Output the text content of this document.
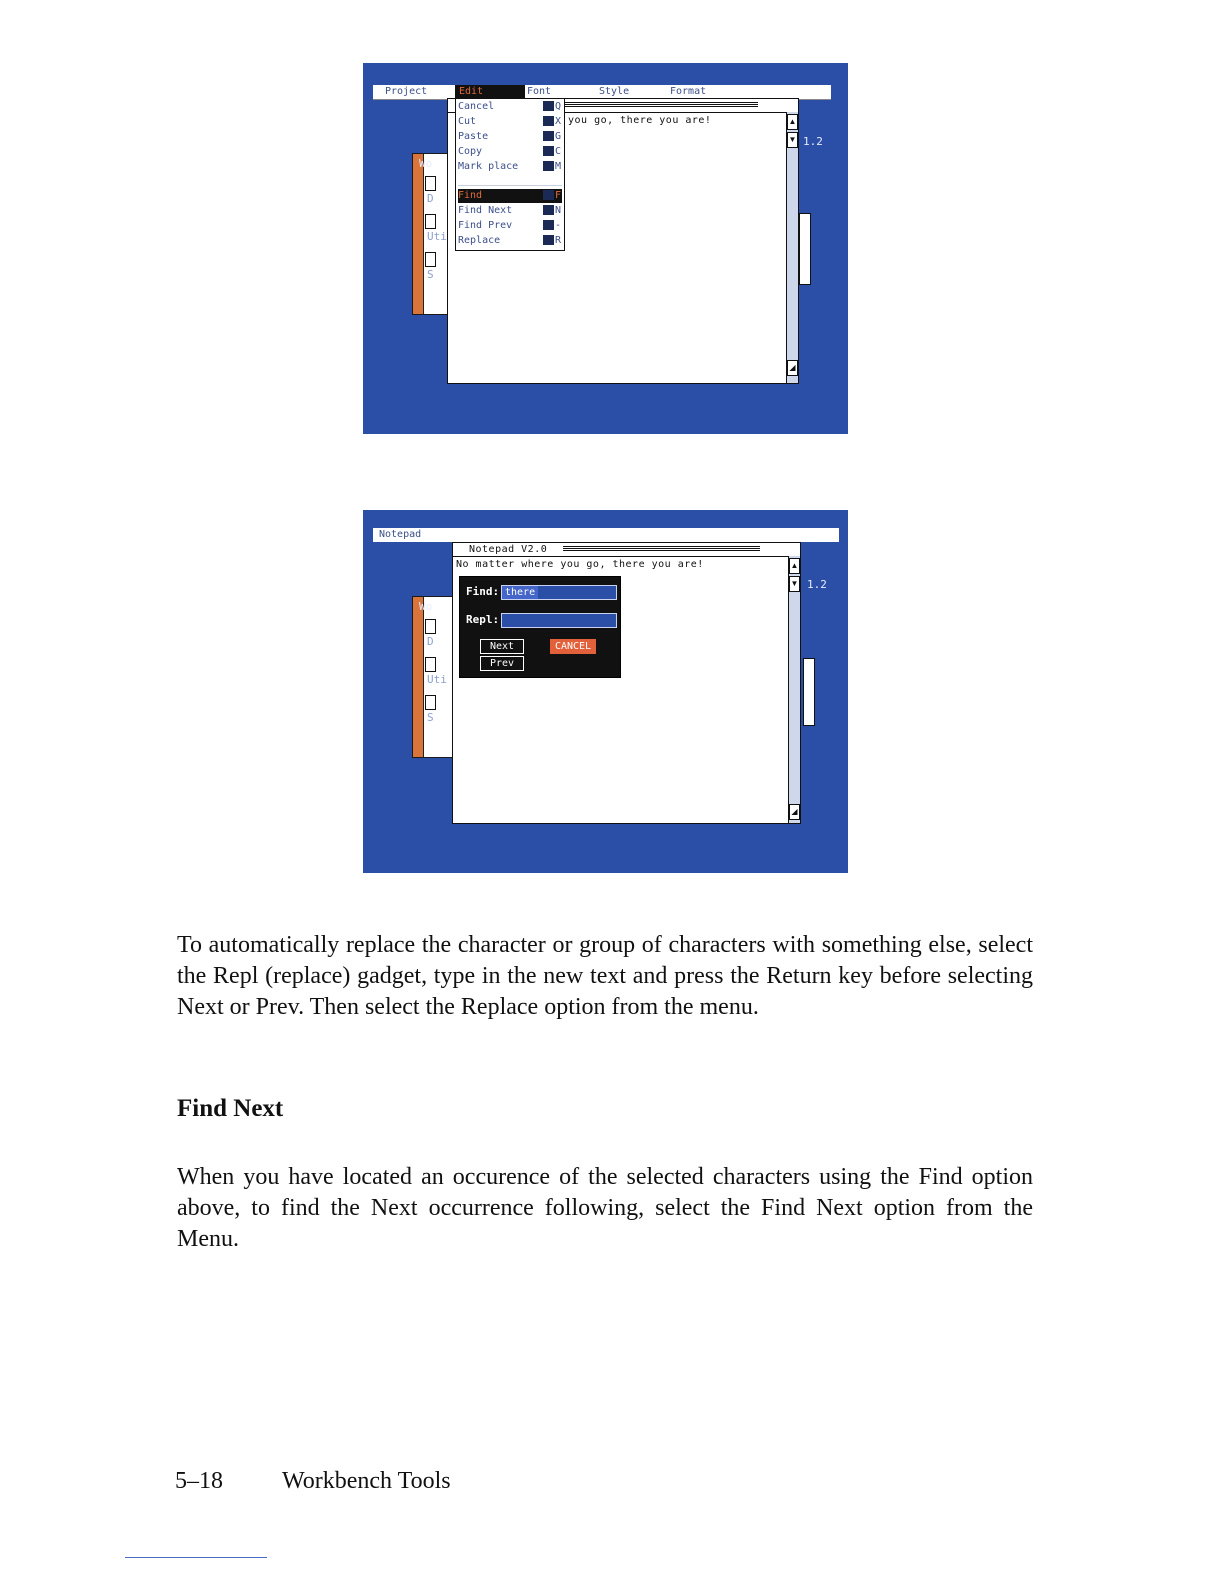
Project	Edit	Font	Style	Format
D
Uti
S
Wo
you go, there you are!	▲
▼
◢
1.2
Cancel	Q
Cut	X
Paste	G
Copy	C
Mark place	M
Find	F
Find Next	N
Find Prev	-
Replace	R
Notepad
D
Uti
S
Wo
Notepad V2.0
No matter where you go, there you are!	▲
▼
◢
1.2
Find: there
Repl:
Next
Prev
CANCEL
To automatically replace the character or group of characters with something else, select the Repl (replace) gadget, type in the new text and press the Return key before selecting Next or Prev. Then select the Replace option from the menu.
Find Next
When you have located an occurence of the selected characters using the Find option above, to find the Next occurrence following, select the Find Next option from the Menu.
5–18 Workbench Tools
